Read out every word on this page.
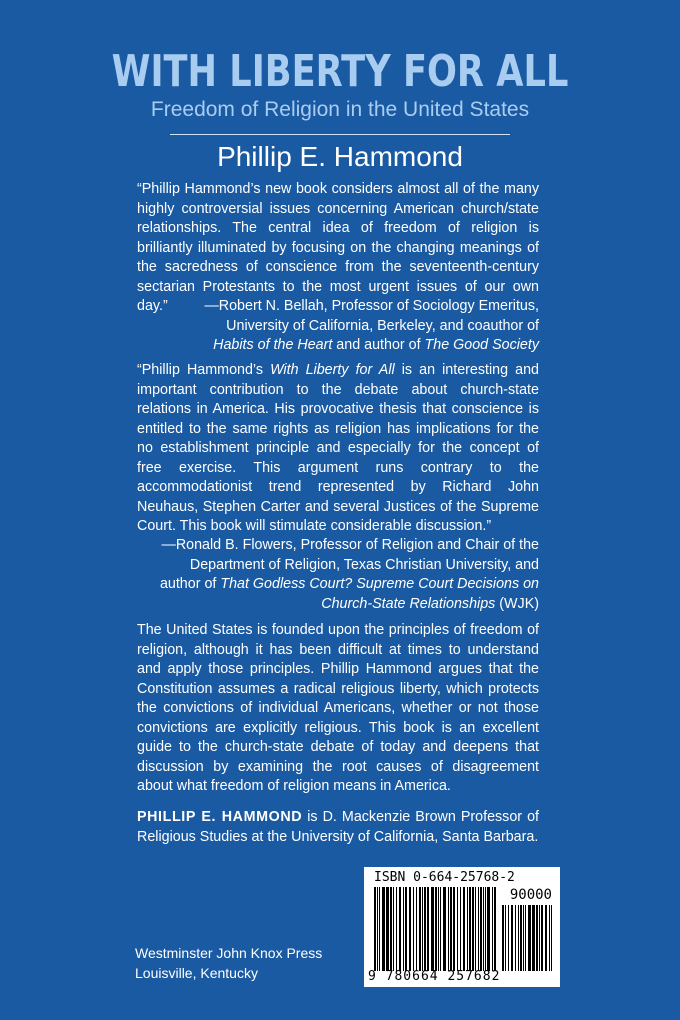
WITH LIBERTY FOR ALL
Freedom of Religion in the United States
Phillip E. Hammond
“Phillip Hammond’s new book considers almost all of the many highly controversial issues concerning American church/state relationships. The central idea of freedom of religion is brilliantly illuminated by focusing on the changing meanings of the sacredness of conscience from the seventeenth-century sectarian Protestants to the most urgent issues of our own day.”	—Robert N. Bellah, Professor of Sociology Emeritus,
University of California, Berkeley, and coauthor of
Habits of the Heart and author of The Good Society
“Phillip Hammond’s With Liberty for All is an interesting and important contribution to the debate about church-state relations in America. His provocative thesis that conscience is entitled to the same rights as religion has implications for the no establishment principle and especially for the concept of free exercise. This argument runs contrary to the accommodationist trend represented by Richard John Neuhaus, Stephen Carter and several Justices of the Supreme Court. This book will stimulate considerable discussion.”
—Ronald B. Flowers, Professor of Religion and Chair of the
Department of Religion, Texas Christian University, and
author of That Godless Court? Supreme Court Decisions on Church-State Relationships (WJK)
The United States is founded upon the principles of freedom of religion, although it has been difficult at times to understand and apply those principles. Phillip Hammond argues that the Constitution assumes a radical religious liberty, which protects the convictions of individual Americans, whether or not those convictions are explicitly religious. This book is an excellent guide to the church-state debate of today and deepens that discussion by examining the root causes of disagreement about what freedom of religion means in America.
PHILLIP E. HAMMOND is D. Mackenzie Brown Professor of Religious Studies at the University of California, Santa Barbara.
Westminster John Knox Press
Louisville, Kentucky
ISBN 0-664-25768-2
90000
9 780664 257682
